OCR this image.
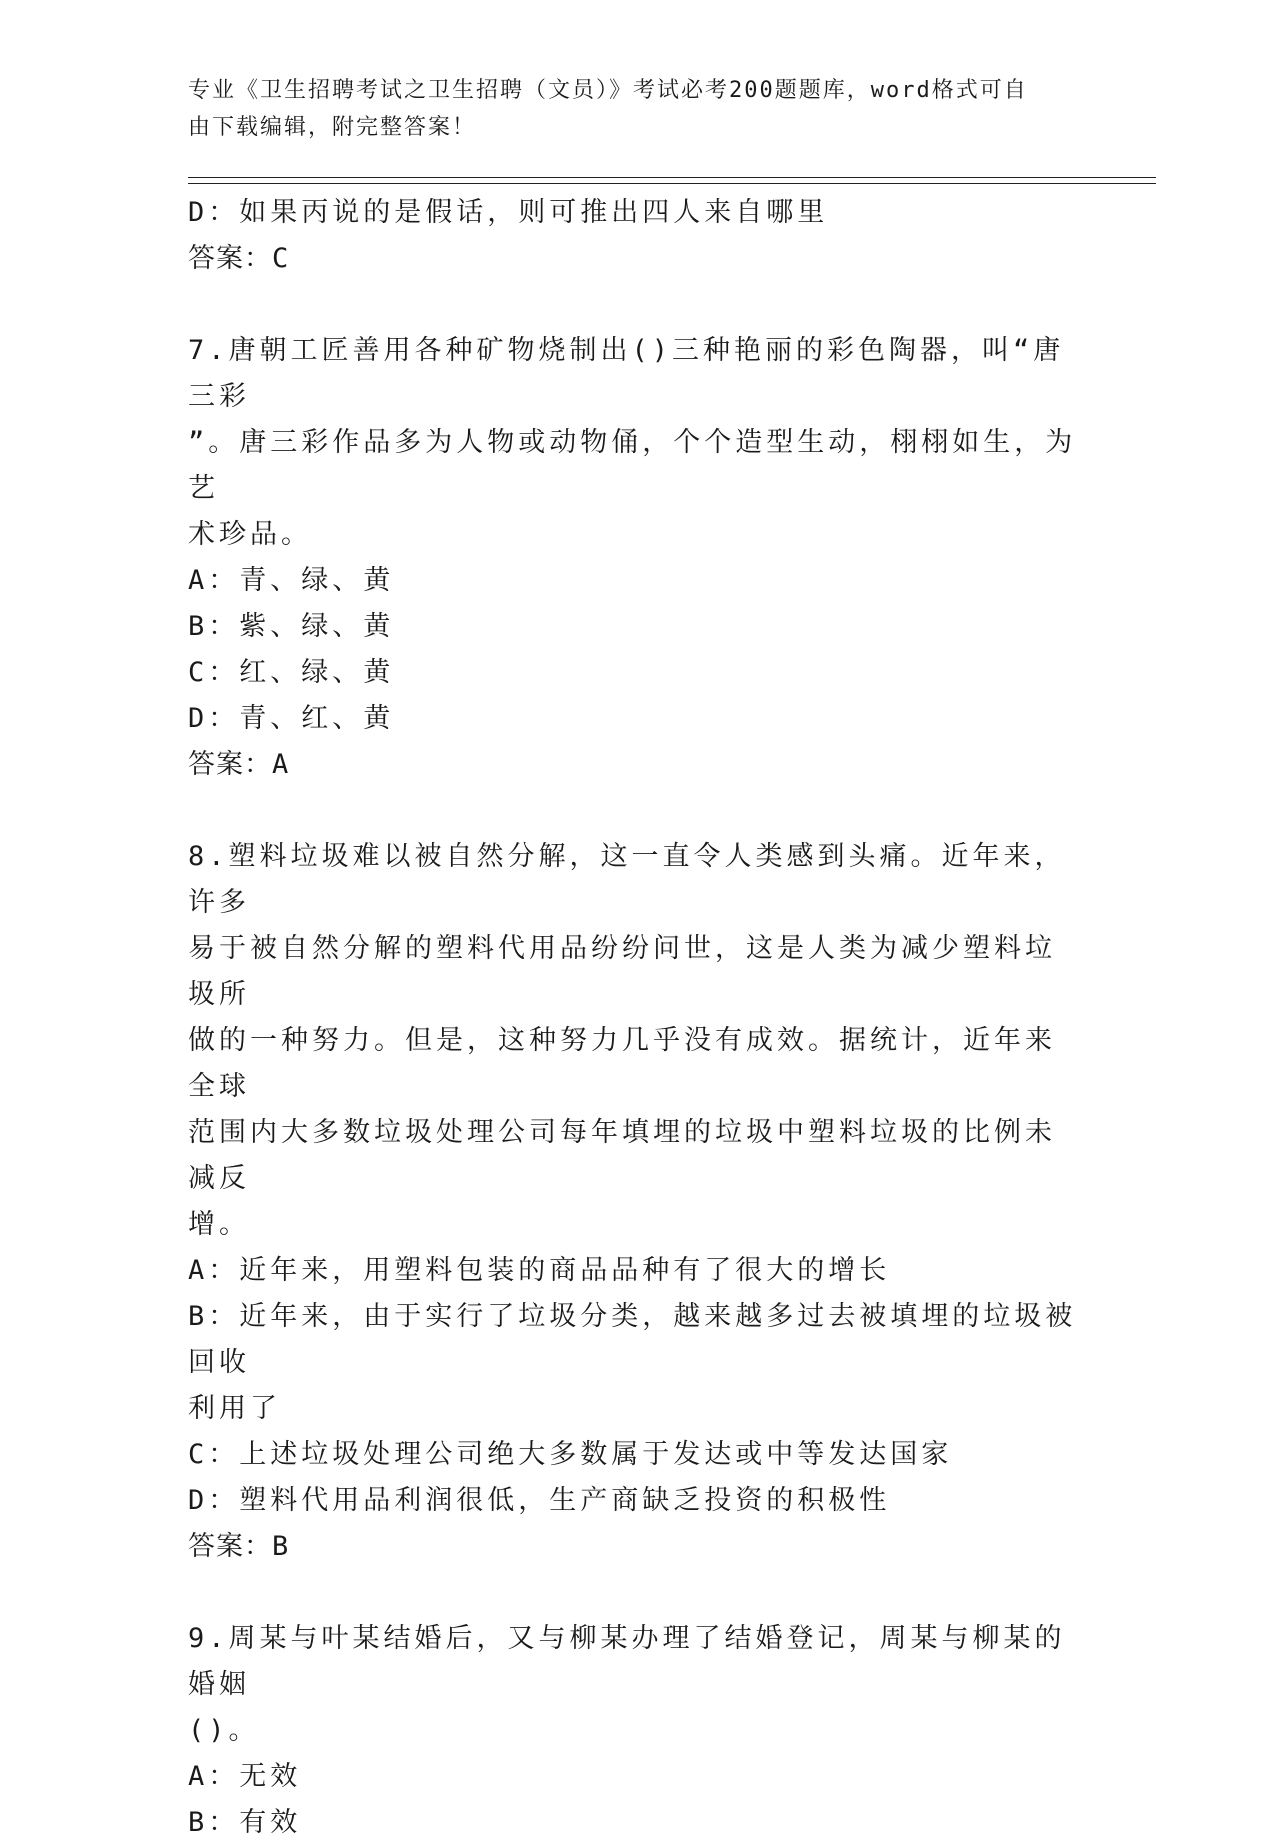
专业《卫生招聘考试之卫生招聘（文员）》考试必考200题题库，word格式可自
由下载编辑，附完整答案！
D：如果丙说的是假话，则可推出四人来自哪里
答案：C
7.唐朝工匠善用各种矿物烧制出()三种艳丽的彩色陶器，叫“唐三彩
”。唐三彩作品多为人物或动物俑，个个造型生动，栩栩如生，为艺
术珍品。
A：青、绿、黄
B：紫、绿、黄
C：红、绿、黄
D：青、红、黄
答案：A
8.塑料垃圾难以被自然分解，这一直令人类感到头痛。近年来，许多
易于被自然分解的塑料代用品纷纷问世，这是人类为减少塑料垃圾所
做的一种努力。但是，这种努力几乎没有成效。据统计，近年来全球
范围内大多数垃圾处理公司每年填埋的垃圾中塑料垃圾的比例未减反
增。
A：近年来，用塑料包装的商品品种有了很大的增长
B：近年来，由于实行了垃圾分类，越来越多过去被填埋的垃圾被回收
利用了
C：上述垃圾处理公司绝大多数属于发达或中等发达国家
D：塑料代用品利润很低，生产商缺乏投资的积极性
答案：B
9.周某与叶某结婚后，又与柳某办理了结婚登记，周某与柳某的婚姻
()。
A：无效
B：有效
